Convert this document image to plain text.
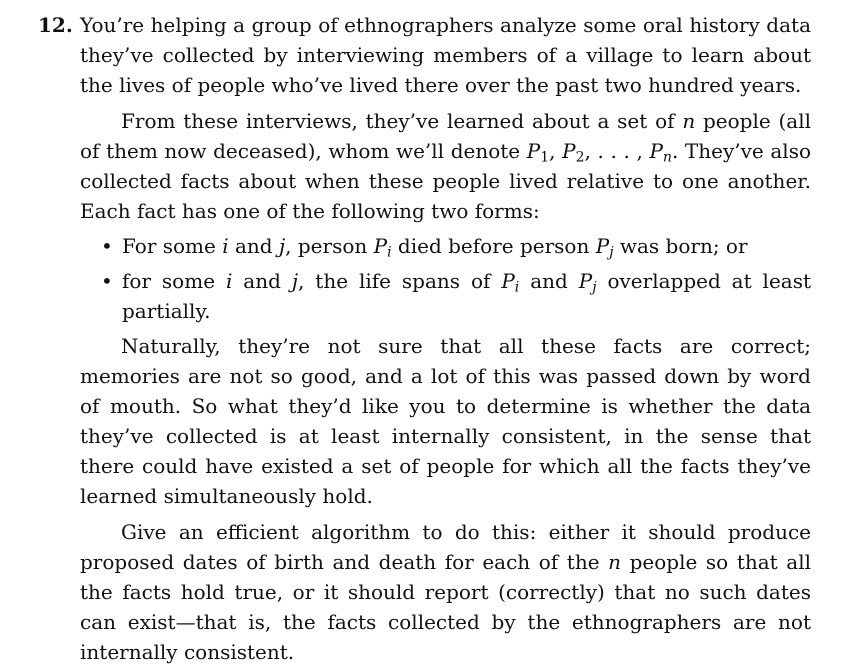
12. You’re helping a group of ethnographers analyze some oral history data they’ve collected by interviewing members of a village to learn about the lives of people who’ve lived there over the past two hundred years.

From these interviews, they’ve learned about a set of n people (all of them now deceased), whom we’ll denote $P_1$, $P_2$, . . . , $P_n$. They’ve also collected facts about when these people lived relative to one another. Each fact has one of the following two forms:

• For some i and j, person $P_i$ died before person $P_j$ was born; or
• for some i and j, the life spans of $P_i$ and $P_j$ overlapped at least partially.

Naturally, they’re not sure that all these facts are correct; memories are not so good, and a lot of this was passed down by word of mouth. So what they’d like you to determine is whether the data they’ve collected is at least internally consistent, in the sense that there could have existed a set of people for which all the facts they’ve learned simultaneously hold.

Give an efficient algorithm to do this: either it should produce proposed dates of birth and death for each of the n people so that all the facts hold true, or it should report (correctly) that no such dates can exist—that is, the facts collected by the ethnographers are not internally consistent.
